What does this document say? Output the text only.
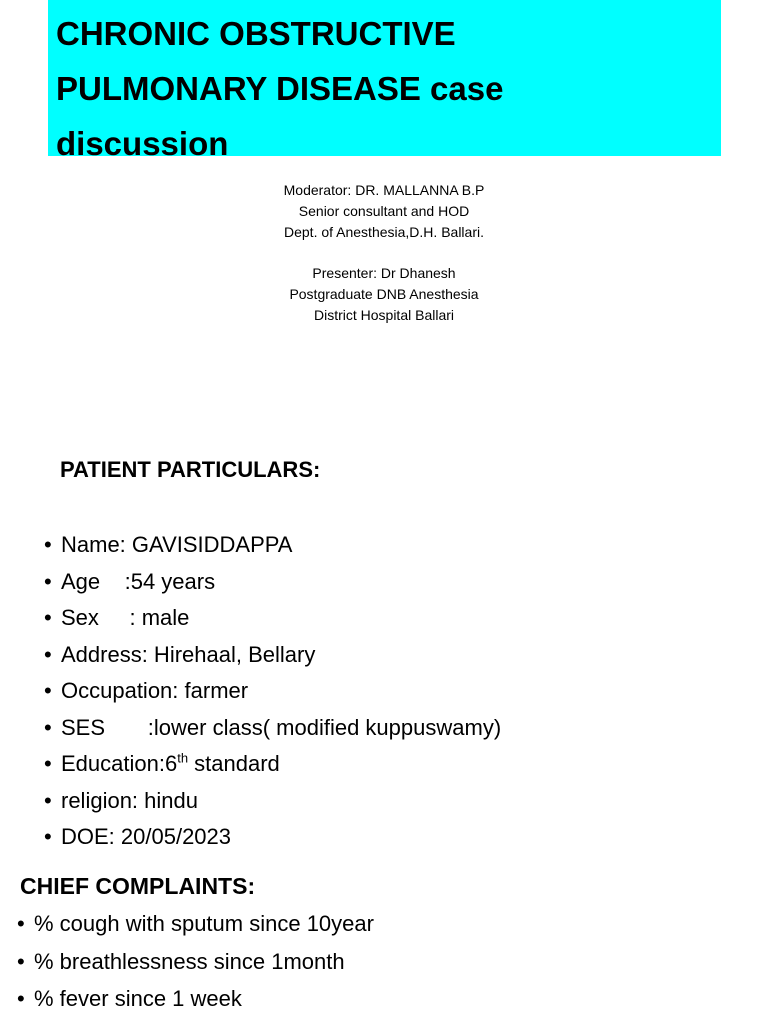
CHRONIC OBSTRUCTIVE
PULMONARY DISEASE case
discussion
Moderator: DR. MALLANNA B.P
Senior consultant and HOD
Dept. of Anesthesia,D.H. Ballari.
Presenter: Dr Dhanesh
Postgraduate DNB Anesthesia
District Hospital Ballari
PATIENT PARTICULARS:
• Name: GAVISIDDAPPA
• Age    :54 years
• Sex     : male
• Address: Hirehaal, Bellary
• Occupation: farmer
• SES       :lower class( modified kuppuswamy)
• Education:6th standard
• religion: hindu
• DOE: 20/05/2023
CHIEF COMPLAINTS:
• % cough with sputum since 10year
• % breathlessness since 1month
• % fever since 1 week
